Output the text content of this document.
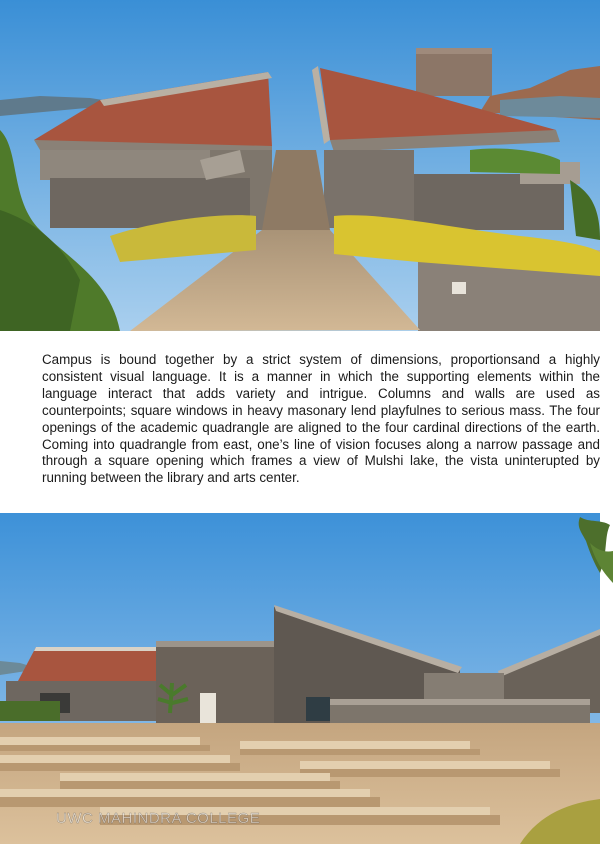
Campus is bound together by a strict system of dimensions, proportionsand a highly consistent visual language. It is a manner in which the supporting elements within the language interact that adds variety and intrigue. Columns and walls are used as counterpoints; square windows in heavy masonary lend playfulnes to serious mass. The four openings of the academic quadrangle are aligned to the four cardinal directions of the earth. Coming into quadrangle from east, one’s line of vision focuses along a narrow passage and through a square opening which frames a view of Mulshi lake, the vista uninterupted by running between the library and arts center.

UWC MAHINDRA COLLEGE
